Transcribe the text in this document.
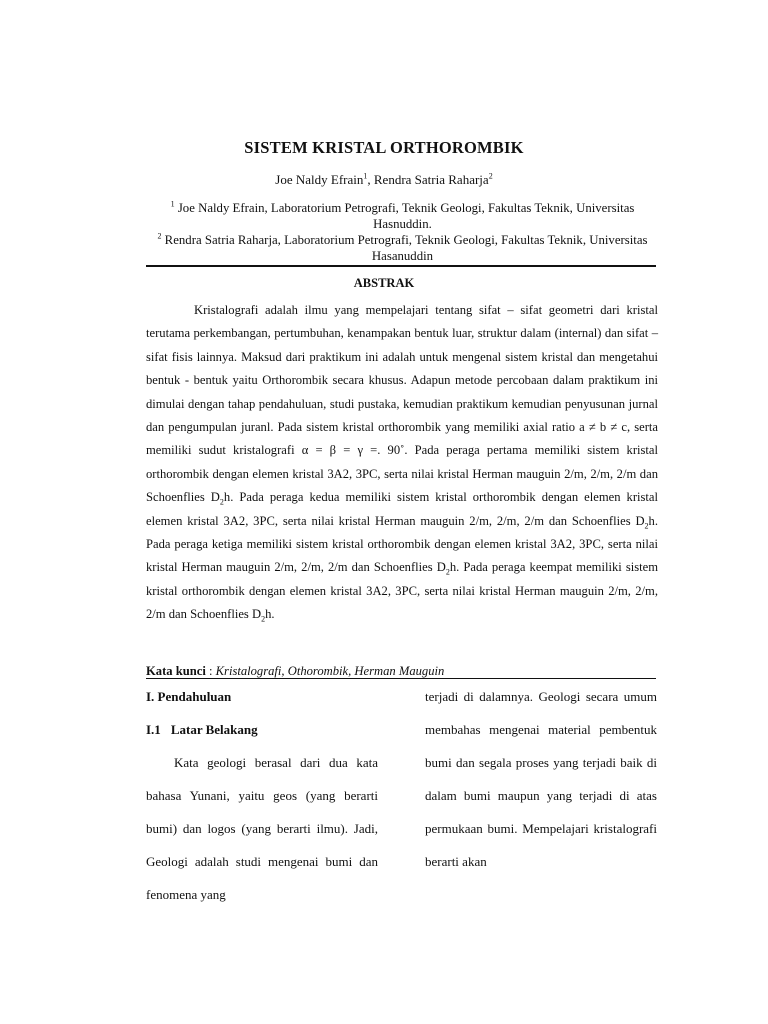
SISTEM KRISTAL ORTHOROMBIK
Joe Naldy Efrain$^1$, Rendra Satria Raharja$^2$
$^1$ Joe Naldy Efrain, Laboratorium Petrografi, Teknik Geologi, Fakultas Teknik, Universitas Hasnuddin.
$^2$ Rendra Satria Raharja, Laboratorium Petrografi, Teknik Geologi, Fakultas Teknik, Universitas Hasanuddin
ABSTRAK

Kristalografi adalah ilmu yang mempelajari tentang sifat – sifat geometri dari kristal terutama perkembangan, pertumbuhan, kenampakan bentuk luar, struktur dalam (internal) dan sifat – sifat fisis lainnya. Maksud dari praktikum ini adalah untuk mengenal sistem kristal dan mengetahui bentuk - bentuk yaitu Orthorombik secara khusus. Adapun metode percobaan dalam praktikum ini dimulai dengan tahap pendahuluan, studi pustaka, kemudian praktikum kemudian penyusunan jurnal dan pengumpulan juranl. Pada sistem kristal orthorombik yang memiliki axial ratio a ≠ b ≠ c, serta memiliki sudut kristalografi α = β = γ =. 90˚. Pada peraga pertama memiliki sistem kristal orthorombik dengan elemen kristal 3A2, 3PC, serta nilai kristal Herman mauguin 2/m, 2/m, 2/m dan Schoenflies $D_2h$. Pada peraga kedua memiliki sistem kristal orthorombik dengan elemen kristal elemen kristal 3A2, 3PC, serta nilai kristal Herman mauguin 2/m, 2/m, 2/m dan Schoenflies $D_2h$. Pada peraga ketiga memiliki sistem kristal orthorombik dengan elemen kristal 3A2, 3PC, serta nilai kristal Herman mauguin 2/m, 2/m, 2/m dan Schoenflies $D_2h$. Pada peraga keempat memiliki sistem kristal orthorombik dengan elemen kristal 3A2, 3PC, serta nilai kristal Herman mauguin 2/m, 2/m, 2/m dan Schoenflies $D_2h$.

Kata kunci : Kristalografi, Othorombik, Herman Mauguin

I. Pendahuluan

I.1 Latar Belakang

Kata geologi berasal dari dua kata bahasa Yunani, yaitu geos (yang berarti bumi) dan logos (yang berarti ilmu). Jadi, Geologi adalah studi mengenai bumi dan fenomena yang

terjadi di dalamnya. Geologi secara umum membahas mengenai material pembentuk bumi dan segala proses yang terjadi baik di dalam bumi maupun yang terjadi di atas permukaan bumi. Mempelajari kristalografi berarti akan
